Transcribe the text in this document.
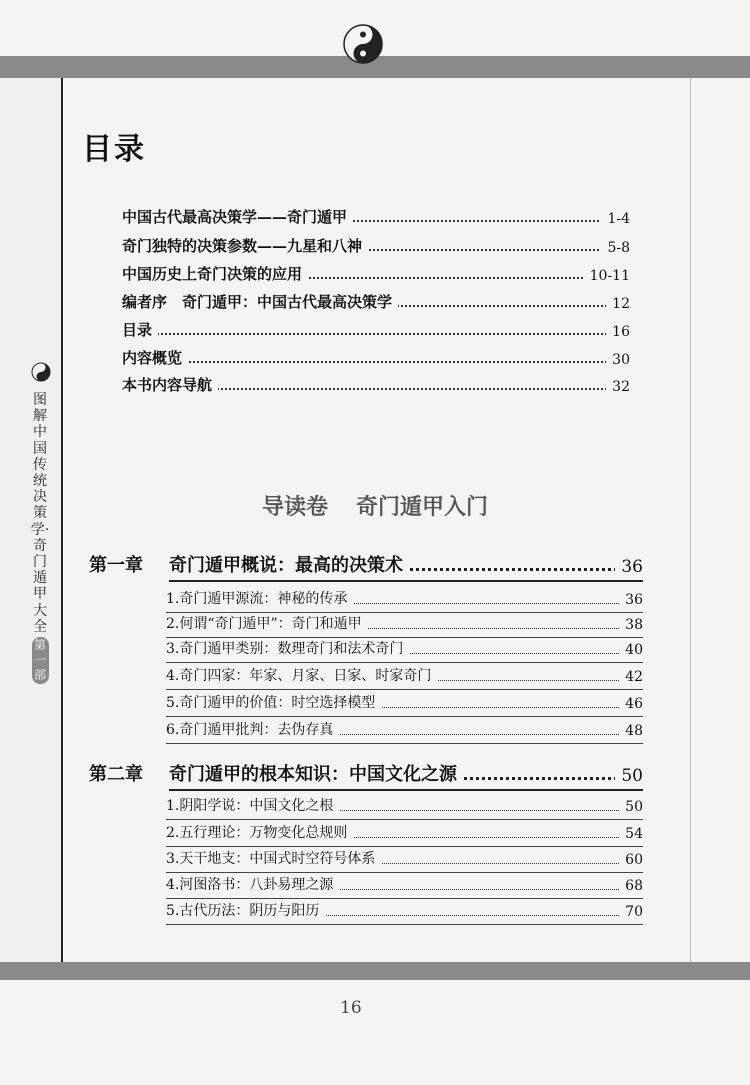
图解中国传统决策学·奇门遁甲大全 第一部
目录
中国古代最高决策学——奇门遁甲	1-4
奇门独特的决策参数——九星和八神	5-8
中国历史上奇门决策的应用	10-11
编者序　奇门遁甲：中国古代最高决策学	12
目录	16
内容概览	30
本书内容导航	32
导读卷 奇门遁甲入门
第一章 奇门遁甲概说：最高的决策术	36
1.奇门遁甲源流：神秘的传承	36
2.何谓“奇门遁甲”：奇门和遁甲	38
3.奇门遁甲类别：数理奇门和法术奇门	40
4.奇门四家：年家、月家、日家、时家奇门	42
5.奇门遁甲的价值：时空选择模型	46
6.奇门遁甲批判：去伪存真	48
第二章 奇门遁甲的根本知识：中国文化之源	50
1.阴阳学说：中国文化之根	50
2.五行理论：万物变化总规则	54
3.天干地支：中国式时空符号体系	60
4.河图洛书：八卦易理之源	68
5.古代历法：阴历与阳历	70
16
